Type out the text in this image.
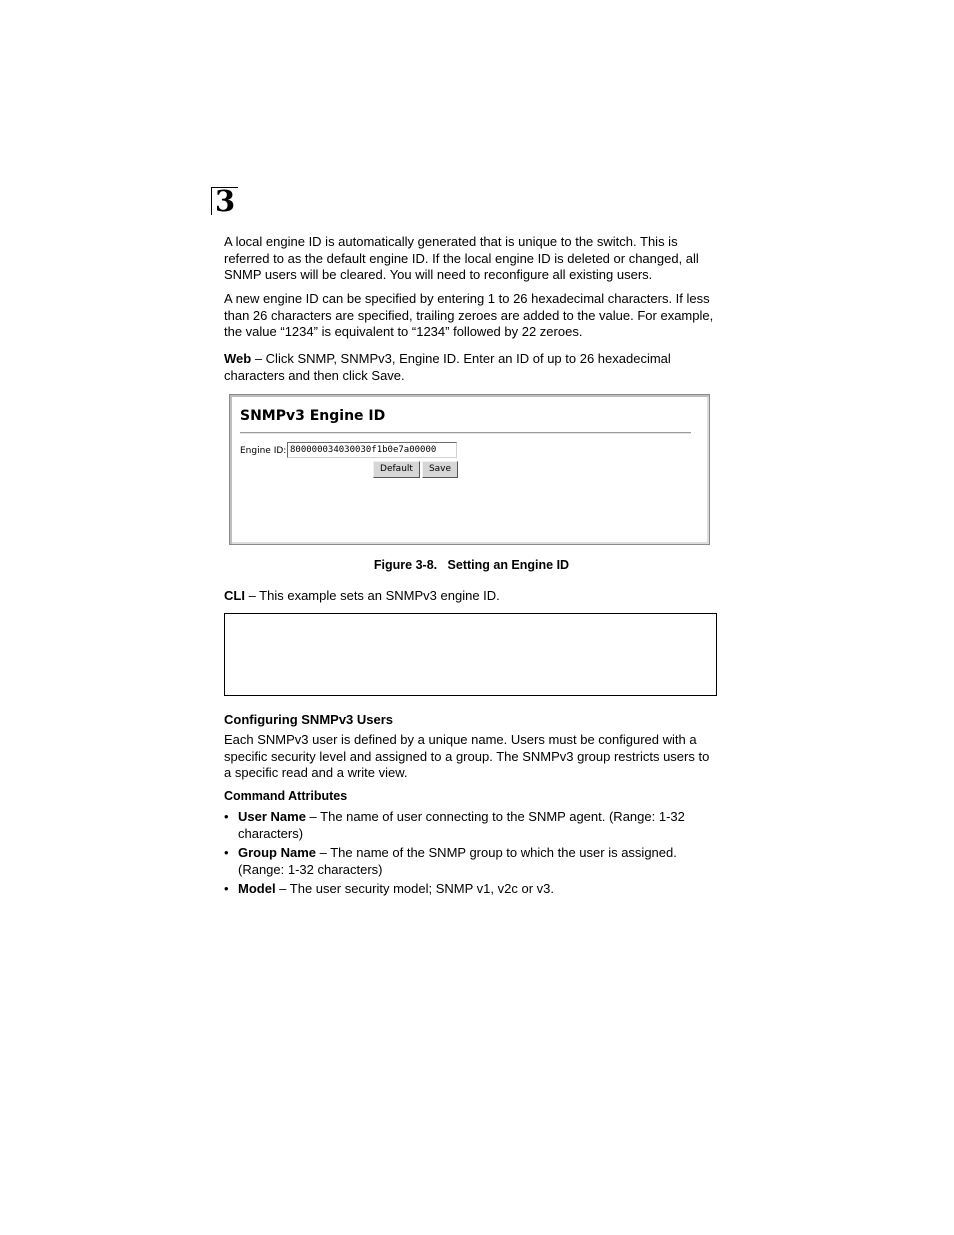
3

A local engine ID is automatically generated that is unique to the switch. This is referred to as the default engine ID. If the local engine ID is deleted or changed, all SNMP users will be cleared. You will need to reconfigure all existing users.

A new engine ID can be specified by entering 1 to 26 hexadecimal characters. If less than 26 characters are specified, trailing zeroes are added to the value. For example, the value “1234” is equivalent to “1234” followed by 22 zeroes.

Web – Click SNMP, SNMPv3, Engine ID. Enter an ID of up to 26 hexadecimal characters and then click Save.

SNMPv3 Engine ID
Engine ID: 800000034030030f1b0e7a00000
Default	Save
Figure 3-8.   Setting an Engine ID

CLI – This example sets an SNMPv3 engine ID.

Configuring SNMPv3 Users

Each SNMPv3 user is defined by a unique name. Users must be configured with a specific security level and assigned to a group. The SNMPv3 group restricts users to a specific read and a write view.

Command Attributes
• User Name – The name of user connecting to the SNMP agent. (Range: 1-32 characters)
• Group Name – The name of the SNMP group to which the user is assigned. (Range: 1-32 characters)
• Model – The user security model; SNMP v1, v2c or v3.
